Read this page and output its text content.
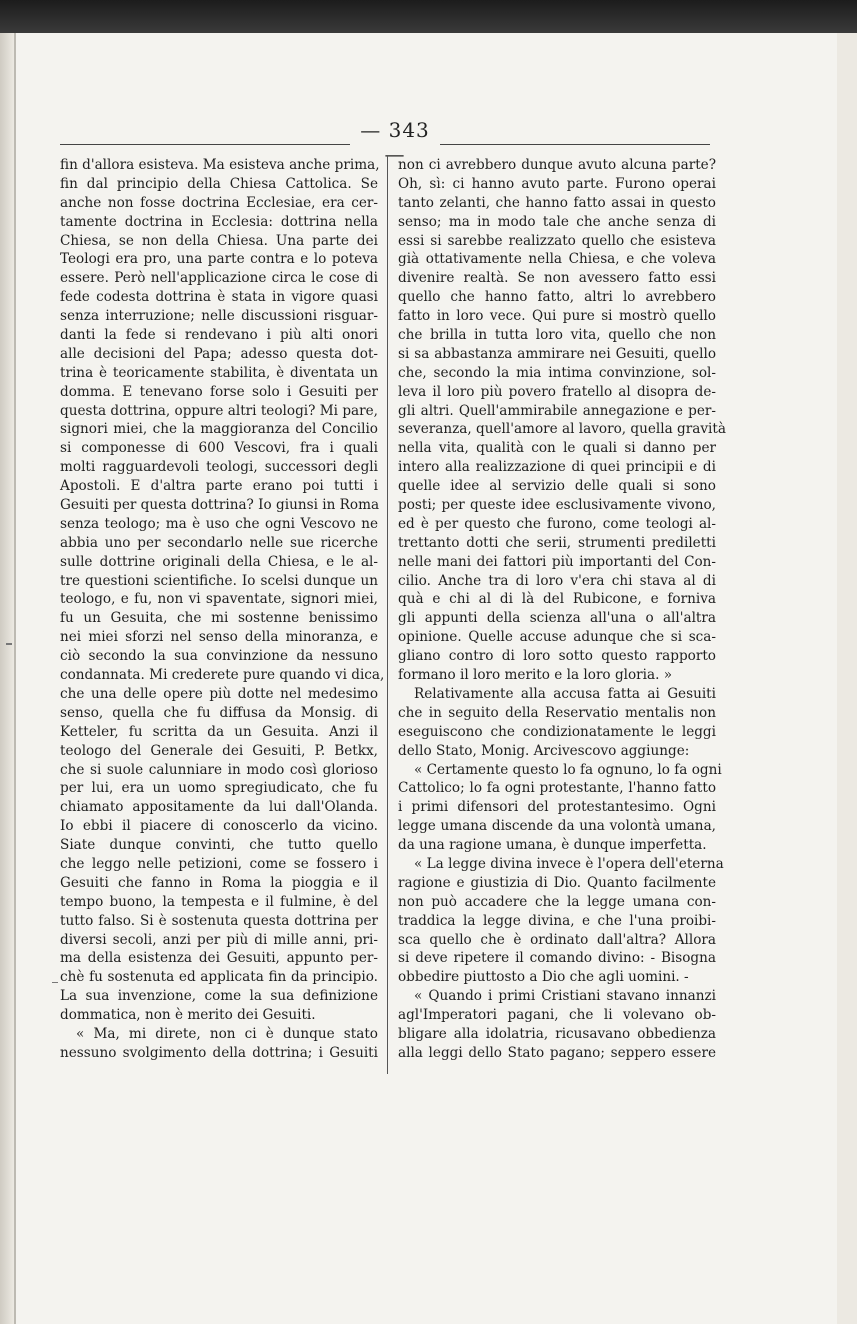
— 343 —
fin d'allora esisteva. Ma esisteva anche prima,
fin dal principio della Chiesa Cattolica. Se
anche non fosse doctrina Ecclesiae, era cer-
tamente doctrina in Ecclesia: dottrina nella
Chiesa, se non della Chiesa. Una parte dei
Teologi era pro, una parte contra e lo poteva
essere. Però nell'applicazione circa le cose di
fede codesta dottrina è stata in vigore quasi
senza interruzione; nelle discussioni risguar-
danti la fede si rendevano i più alti onori
alle decisioni del Papa; adesso questa dot-
trina è teoricamente stabilita, è diventata un
domma. E tenevano forse solo i Gesuiti per
questa dottrina, oppure altri teologi? Mi pare,
signori miei, che la maggioranza del Concilio
si componesse di 600 Vescovi, fra i quali
molti ragguardevoli teologi, successori degli
Apostoli. E d'altra parte erano poi tutti i
Gesuiti per questa dottrina? Io giunsi in Roma
senza teologo; ma è uso che ogni Vescovo ne
abbia uno per secondarlo nelle sue ricerche
sulle dottrine originali della Chiesa, e le al-
tre questioni scientifiche. Io scelsi dunque un
teologo, e fu, non vi spaventate, signori miei,
fu un Gesuita, che mi sostenne benissimo
nei miei sforzi nel senso della minoranza, e
ciò secondo la sua convinzione da nessuno
condannata. Mi crederete pure quando vi dica,
che una delle opere più dotte nel medesimo
senso, quella che fu diffusa da Monsig. di
Ketteler, fu scritta da un Gesuita. Anzi il
teologo del Generale dei Gesuiti, P. Betkx,
che si suole calunniare in modo così glorioso
per lui, era un uomo spregiudicato, che fu
chiamato appositamente da lui dall'Olanda.
Io ebbi il piacere di conoscerlo da vicino.
Siate dunque convinti, che tutto quello
che leggo nelle petizioni, come se fossero i
Gesuiti che fanno in Roma la pioggia e il
tempo buono, la tempesta e il fulmine, è del
tutto falso. Si è sostenuta questa dottrina per
diversi secoli, anzi per più di mille anni, pri-
ma della esistenza dei Gesuiti, appunto per-
chè fu sostenuta ed applicata fin da principio.
La sua invenzione, come la sua definizione
dommatica, non è merito dei Gesuiti.
« Ma, mi direte, non ci è dunque stato
nessuno svolgimento della dottrina; i Gesuiti
non ci avrebbero dunque avuto alcuna parte?
Oh, sì: ci hanno avuto parte. Furono operai
tanto zelanti, che hanno fatto assai in questo
senso; ma in modo tale che anche senza di
essi si sarebbe realizzato quello che esisteva
già ottativamente nella Chiesa, e che voleva
divenire realtà. Se non avessero fatto essi
quello che hanno fatto, altri lo avrebbero
fatto in loro vece. Qui pure si mostrò quello
che brilla in tutta loro vita, quello che non
si sa abbastanza ammirare nei Gesuiti, quello
che, secondo la mia intima convinzione, sol-
leva il loro più povero fratello al disopra de-
gli altri. Quell'ammirabile annegazione e per-
severanza, quell'amore al lavoro, quella gravità
nella vita, qualità con le quali si danno per
intero alla realizzazione di quei principii e di
quelle idee al servizio delle quali si sono
posti; per queste idee esclusivamente vivono,
ed è per questo che furono, come teologi al-
trettanto dotti che serii, strumenti prediletti
nelle mani dei fattori più importanti del Con-
cilio. Anche tra di loro v'era chi stava al di
quà e chi al di là del Rubicone, e forniva
gli appunti della scienza all'una o all'altra
opinione. Quelle accuse adunque che si sca-
gliano contro di loro sotto questo rapporto
formano il loro merito e la loro gloria. »
Relativamente alla accusa fatta ai Gesuiti
che in seguito della Reservatio mentalis non
eseguiscono che condizionatamente le leggi
dello Stato, Monig. Arcivescovo aggiunge:
« Certamente questo lo fa ognuno, lo fa ogni
Cattolico; lo fa ogni protestante, l'hanno fatto
i primi difensori del protestantesimo. Ogni
legge umana discende da una volontà umana,
da una ragione umana, è dunque imperfetta.
« La legge divina invece è l'opera dell'eterna
ragione e giustizia di Dio. Quanto facilmente
non può accadere che la legge umana con-
traddica la legge divina, e che l'una proibi-
sca quello che è ordinato dall'altra? Allora
si deve ripetere il comando divino: - Bisogna
obbedire piuttosto a Dio che agli uomini. -
« Quando i primi Cristiani stavano innanzi
agl'Imperatori pagani, che li volevano ob-
bligare alla idolatria, ricusavano obbedienza
alla leggi dello Stato pagano; seppero essere
